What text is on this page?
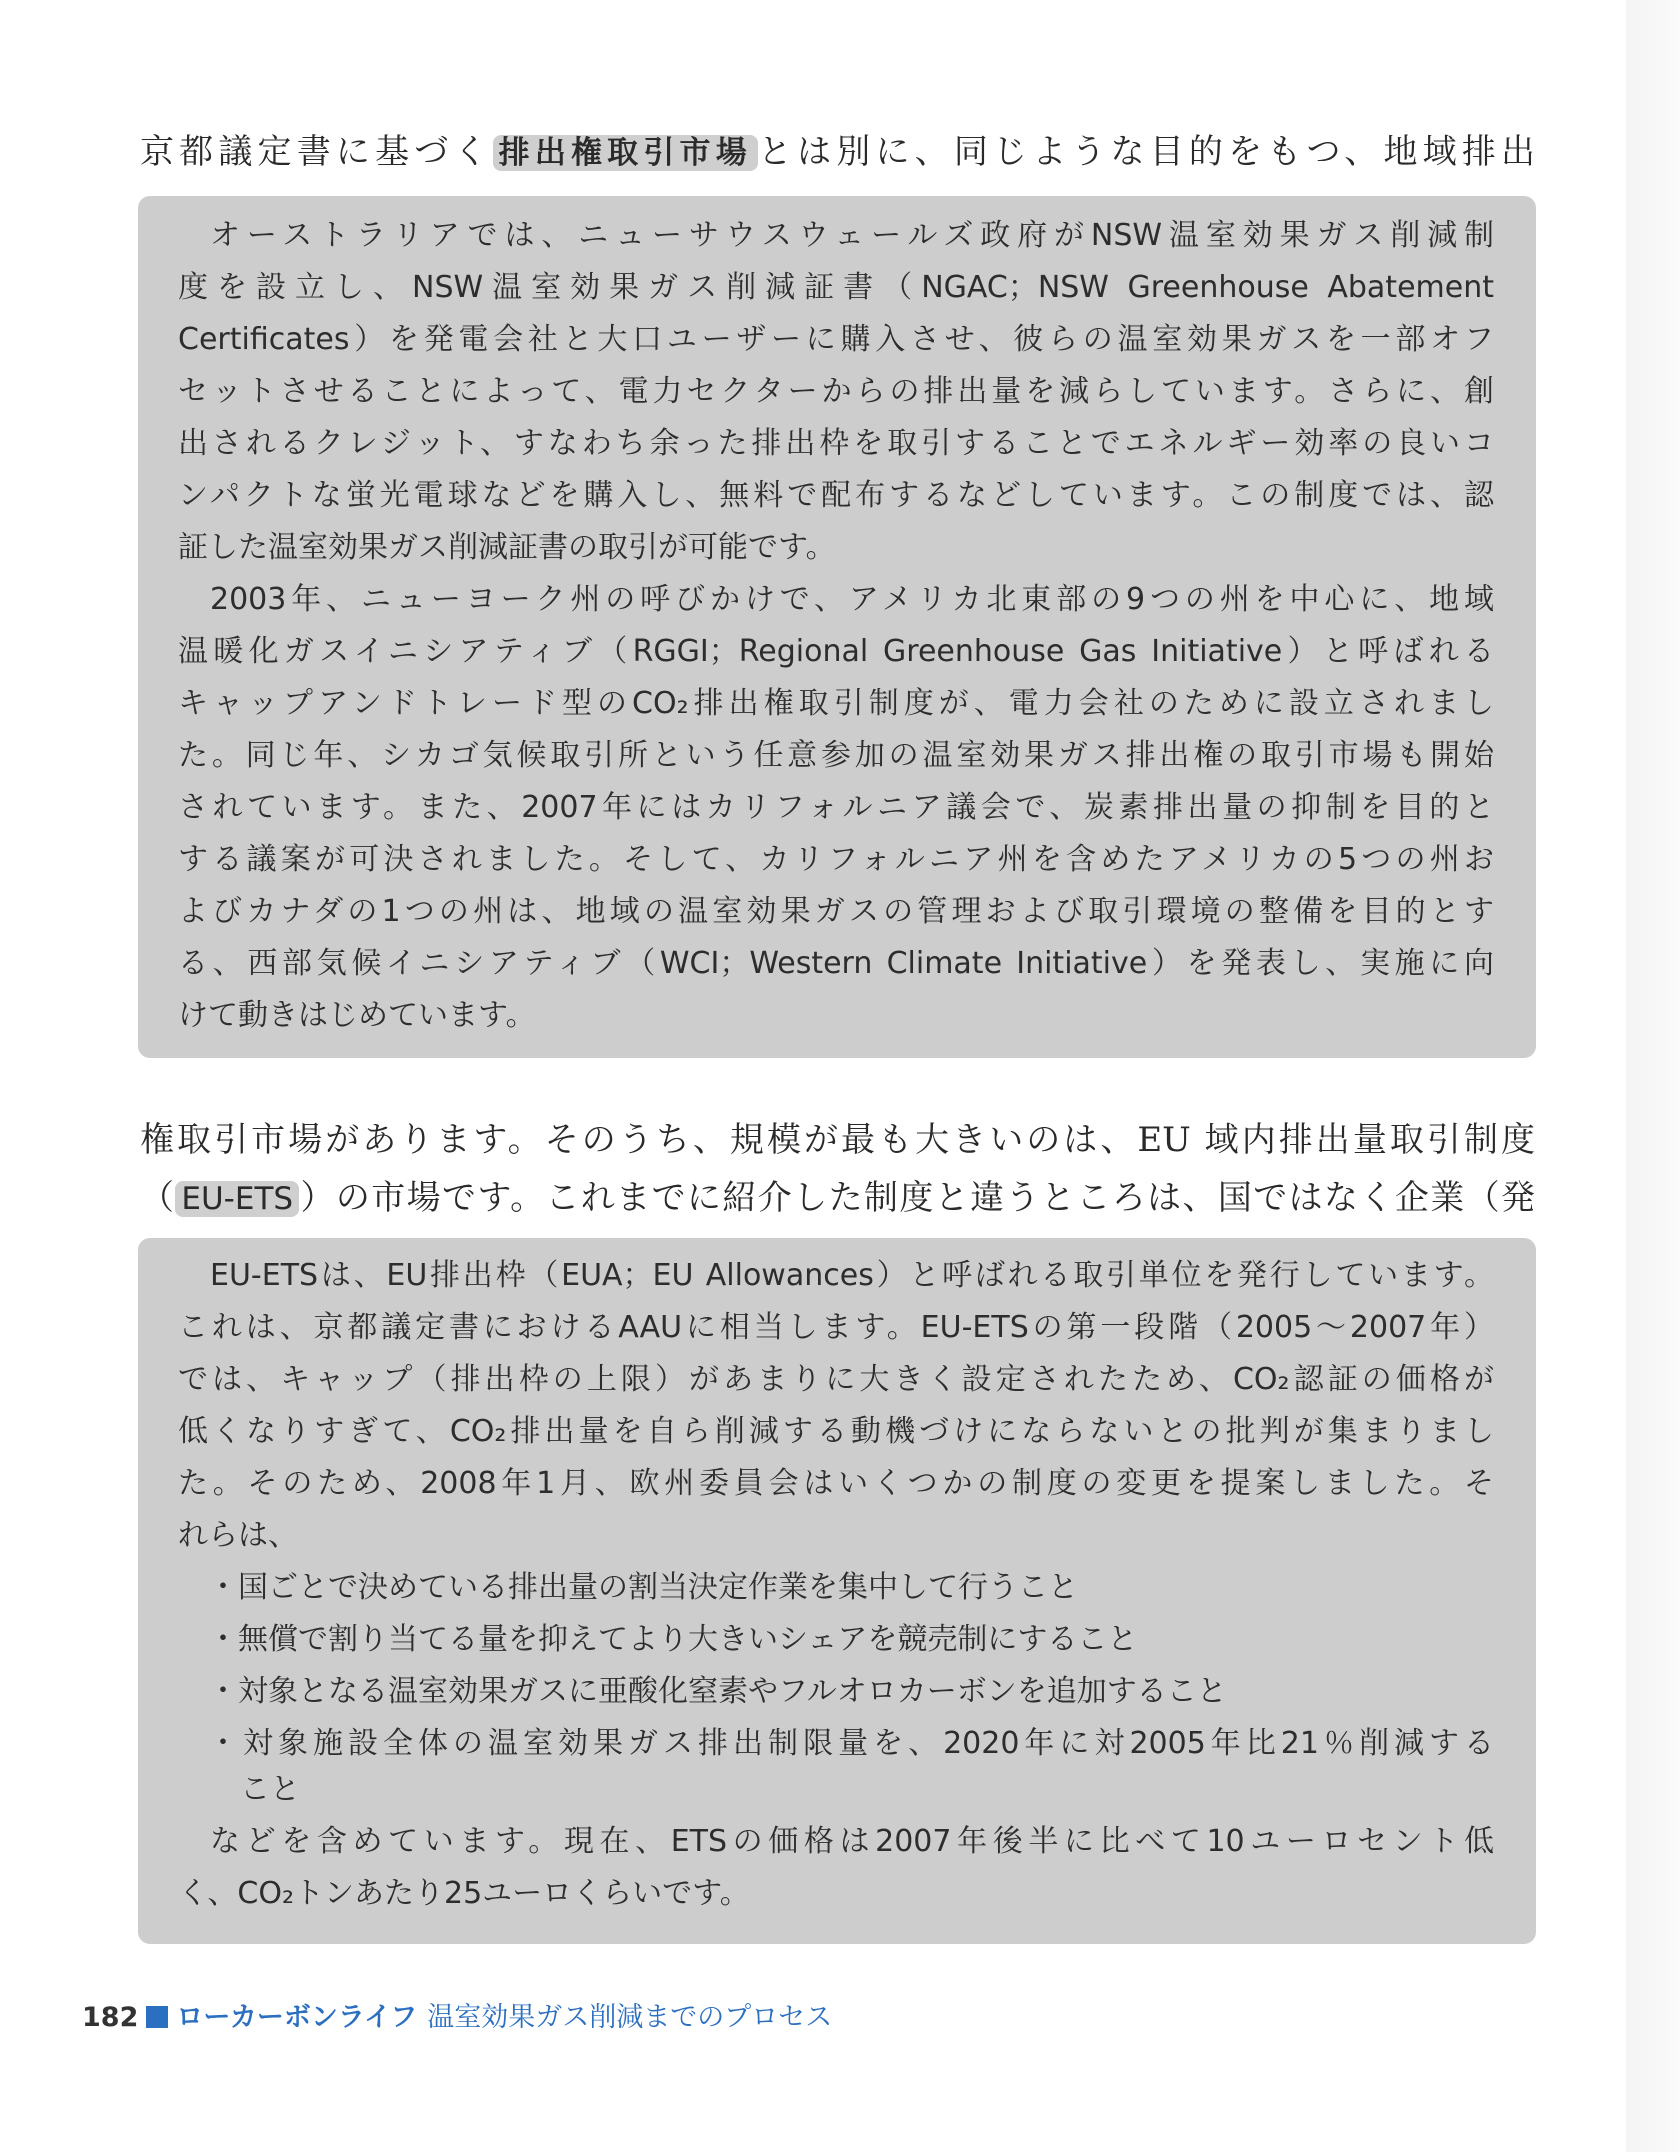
京都議定書に基づく 排出権取引市場 とは別に、同じような目的をもつ、地域排出
オーストラリアでは、ニューサウスウェールズ政府がNSW温室効果ガス削減制
度を設立し、NSW温室効果ガス削減証書（NGAC；NSW Greenhouse Abatement
Certificates）を発電会社と大口ユーザーに購入させ、彼らの温室効果ガスを一部オフ
セットさせることによって、電力セクターからの排出量を減らしています。さらに、創
出されるクレジット、すなわち余った排出枠を取引することでエネルギー効率の良いコ
ンパクトな蛍光電球などを購入し、無料で配布するなどしています。この制度では、認
証した温室効果ガス削減証書の取引が可能です。
2003年、ニューヨーク州の呼びかけで、アメリカ北東部の9つの州を中心に、地域
温暖化ガスイニシアティブ（RGGI；Regional Greenhouse Gas Initiative）と呼ばれる
キャップアンドトレード型のCO₂排出権取引制度が、電力会社のために設立されまし
た。同じ年、シカゴ気候取引所という任意参加の温室効果ガス排出権の取引市場も開始
されています。また、2007年にはカリフォルニア議会で、炭素排出量の抑制を目的と
する議案が可決されました。そして、カリフォルニア州を含めたアメリカの5つの州お
よびカナダの1つの州は、地域の温室効果ガスの管理および取引環境の整備を目的とす
る、西部気候イニシアティブ（WCI；Western Climate Initiative）を発表し、実施に向
けて動きはじめています。
権取引市場があります。そのうち、規模が最も大きいのは、EU 域内排出量取引制度
（ EU-ETS ）の市場です。これまでに紹介した制度と違うところは、国ではなく企業（発
EU-ETSは、EU排出枠（EUA；EU Allowances）と呼ばれる取引単位を発行しています。
これは、京都議定書におけるAAUに相当します。EU-ETSの第一段階（2005～2007年）
では、キャップ（排出枠の上限）があまりに大きく設定されたため、CO₂認証の価格が
低くなりすぎて、CO₂排出量を自ら削減する動機づけにならないとの批判が集まりまし
た。そのため、2008年1月、欧州委員会はいくつかの制度の変更を提案しました。そ
れらは、
・国ごとで決めている排出量の割当決定作業を集中して行うこと
・無償で割り当てる量を抑えてより大きいシェアを競売制にすること
・対象となる温室効果ガスに亜酸化窒素やフルオロカーボンを追加すること
・対象施設全体の温室効果ガス排出制限量を、2020年に対2005年比21％削減する
こと
などを含めています。現在、ETSの価格は2007年後半に比べて10ユーロセント低
く、CO₂トンあたり25ユーロくらいです。
182 ローカーボンライフ 温室効果ガス削減までのプロセス
